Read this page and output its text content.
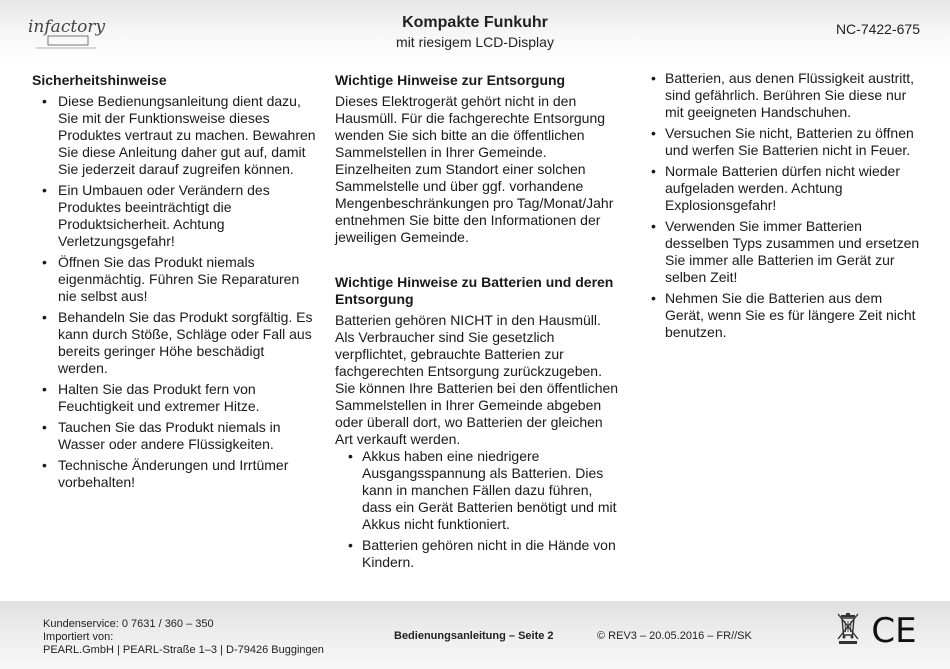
infactory	Kompakte Funkuhr
mit riesigem LCD-Display
NC-7422-675
Sicherheitshinweise
• Diese Bedienungsanleitung dient dazu, Sie mit der Funktionsweise dieses Produktes vertraut zu machen. Bewahren Sie diese Anleitung daher gut auf, damit Sie jederzeit darauf zugreifen können.
• Ein Umbauen oder Verändern des Produktes beeinträchtigt die Produktsicherheit. Achtung Verletzungsgefahr!
• Öffnen Sie das Produkt niemals eigenmächtig. Führen Sie Reparaturen nie selbst aus!
• Behandeln Sie das Produkt sorgfältig. Es kann durch Stöße, Schläge oder Fall aus bereits geringer Höhe beschädigt werden.
• Halten Sie das Produkt fern von Feuchtigkeit und extremer Hitze.
• Tauchen Sie das Produkt niemals in Wasser oder andere Flüssigkeiten.
• Technische Änderungen und Irrtümer vorbehalten!
Wichtige Hinweise zur Entsorgung

Dieses Elektrogerät gehört nicht in den Hausmüll. Für die fachgerechte Entsorgung wenden Sie sich bitte an die öffentlichen Sammelstellen in Ihrer Gemeinde. Einzelheiten zum Standort einer solchen Sammelstelle und über ggf. vorhandene Mengenbeschränkungen pro Tag/Monat/Jahr entnehmen Sie bitte den Informationen der jeweiligen Gemeinde.

Wichtige Hinweise zu Batterien und deren Entsorgung

Batterien gehören NICHT in den Hausmüll. Als Verbraucher sind Sie gesetzlich verpflichtet, gebrauchte Batterien zur fachgerechten Entsorgung zurückzugeben.

Sie können Ihre Batterien bei den öffentlichen Sammelstellen in Ihrer Gemeinde abgeben oder überall dort, wo Batterien der gleichen Art verkauft werden.

• Akkus haben eine niedrigere Ausgangsspannung als Batterien. Dies kann in manchen Fällen dazu führen, dass ein Gerät Batterien benötigt und mit Akkus nicht funktioniert.
• Batterien gehören nicht in die Hände von Kindern.
• Batterien, aus denen Flüssigkeit austritt, sind gefährlich. Berühren Sie diese nur mit geeigneten Handschuhen.
• Versuchen Sie nicht, Batterien zu öffnen und werfen Sie Batterien nicht in Feuer.
• Normale Batterien dürfen nicht wieder aufgeladen werden. Achtung Explosionsgefahr!
• Verwenden Sie immer Batterien desselben Typs zusammen und ersetzen Sie immer alle Batterien im Gerät zur selben Zeit!
• Nehmen Sie die Batterien aus dem Gerät, wenn Sie es für längere Zeit nicht benutzen.
Kundenservice: 0 7631 / 360 – 350
Importiert von:
PEARL.GmbH | PEARL-Straße 1–3 | D-79426 Buggingen
Bedienungsanleitung – Seite 2	© REV3 – 20.05.2016 – FR//SK	CE
